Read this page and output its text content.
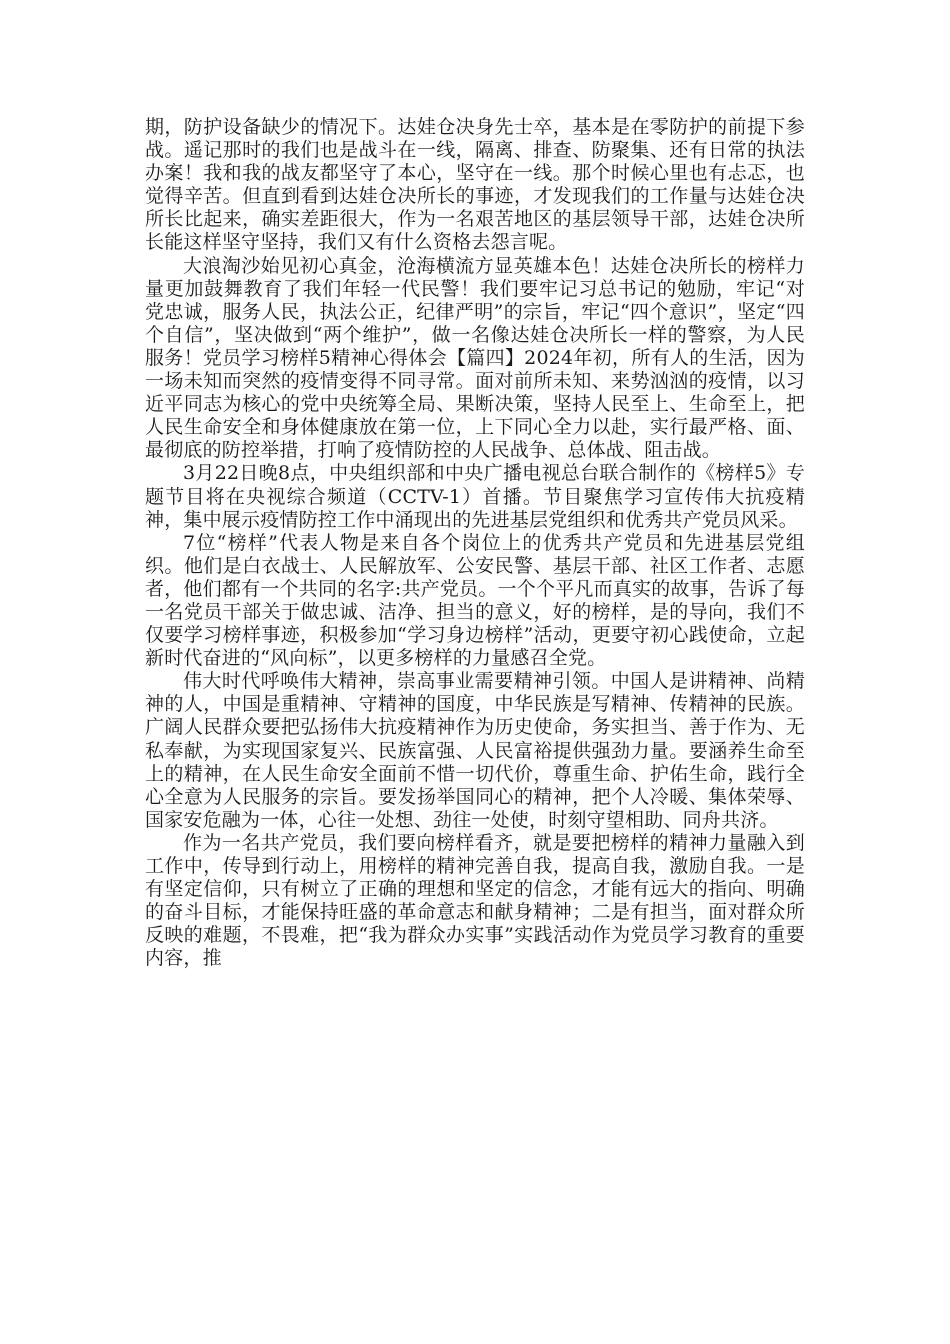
期，防护设备缺少的情况下。达娃仓决身先士卒，基本是在零防护的前提下参战。遥记那时的我们也是战斗在一线，隔离、排查、防聚集、还有日常的执法办案！我和我的战友都坚守了本心，坚守在一线。那个时候心里也有忐忑，也觉得辛苦。但直到看到达娃仓决所长的事迹，才发现我们的工作量与达娃仓决所长比起来，确实差距很大，作为一名艰苦地区的基层领导干部，达娃仓决所长能这样坚守坚持，我们又有什么资格去怨言呢。

大浪淘沙始见初心真金，沧海横流方显英雄本色！达娃仓决所长的榜样力量更加鼓舞教育了我们年轻一代民警！我们要牢记习总书记的勉励，牢记“对党忠诚，服务人民，执法公正，纪律严明”的宗旨，牢记“四个意识”，坚定“四个自信”，坚决做到“两个维护”，做一名像达娃仓决所长一样的警察，为人民服务！党员学习榜样5精神心得体会【篇四】2024年初，所有人的生活，因为一场未知而突然的疫情变得不同寻常。面对前所未知、来势汹汹的疫情，以习近平同志为核心的党中央统筹全局、果断决策，坚持人民至上、生命至上，把人民生命安全和身体健康放在第一位，上下同心全力以赴，实行最严格、面、最彻底的防控举措，打响了疫情防控的人民战争、总体战、阻击战。

3月22日晚8点，中央组织部和中央广播电视总台联合制作的《榜样5》专题节目将在央视综合频道（CCTV-1）首播。节目聚焦学习宣传伟大抗疫精神，集中展示疫情防控工作中涌现出的先进基层党组织和优秀共产党员风采。

7位“榜样”代表人物是来自各个岗位上的优秀共产党员和先进基层党组织。他们是白衣战士、人民解放军、公安民警、基层干部、社区工作者、志愿者，他们都有一个共同的名字:共产党员。一个个平凡而真实的故事，告诉了每一名党员干部关于做忠诚、洁净、担当的意义，好的榜样，是的导向，我们不仅要学习榜样事迹，积极参加“学习身边榜样”活动，更要守初心践使命，立起新时代奋进的“风向标”，以更多榜样的力量感召全党。

伟大时代呼唤伟大精神，崇高事业需要精神引领。中国人是讲精神、尚精神的人，中国是重精神、守精神的国度，中华民族是写精神、传精神的民族。广阔人民群众要把弘扬伟大抗疫精神作为历史使命，务实担当、善于作为、无私奉献，为实现国家复兴、民族富强、人民富裕提供强劲力量。要涵养生命至上的精神，在人民生命安全面前不惜一切代价，尊重生命、护佑生命，践行全心全意为人民服务的宗旨。要发扬举国同心的精神，把个人冷暖、集体荣辱、国家安危融为一体，心往一处想、劲往一处使，时刻守望相助、同舟共济。

作为一名共产党员，我们要向榜样看齐，就是要把榜样的精神力量融入到工作中，传导到行动上，用榜样的精神完善自我，提高自我，激励自我。一是有坚定信仰，只有树立了正确的理想和坚定的信念，才能有远大的指向、明确的奋斗目标，才能保持旺盛的革命意志和献身精神；二是有担当，面对群众所反映的难题，不畏难，把“我为群众办实事”实践活动作为党员学习教育的重要内容，推
